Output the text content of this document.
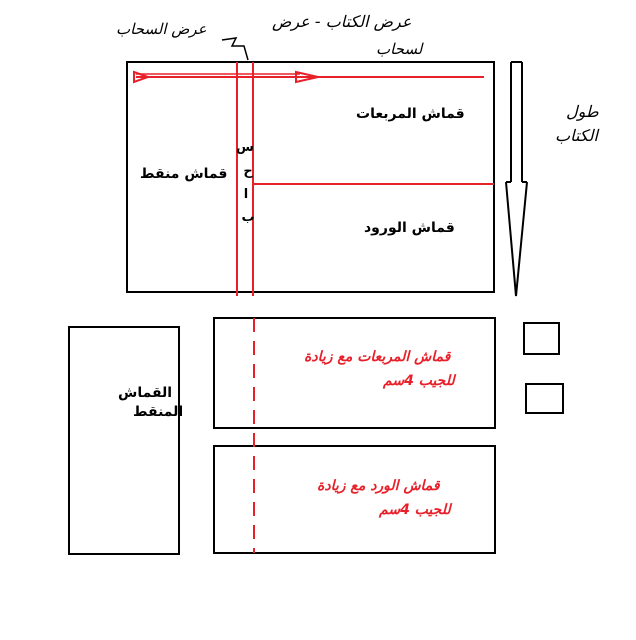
عرض السحاب	عرض الكتاب - عرض
لسحاب
طول
الكتاب
س
ح
ا
ب
قماش المربعات
قماش منقط
قماش الورود
القماش
المنقط
قماش المربعات مع زيادة
للجيب 4سم
قماش الورد مع زيادة
للجيب 4سم
